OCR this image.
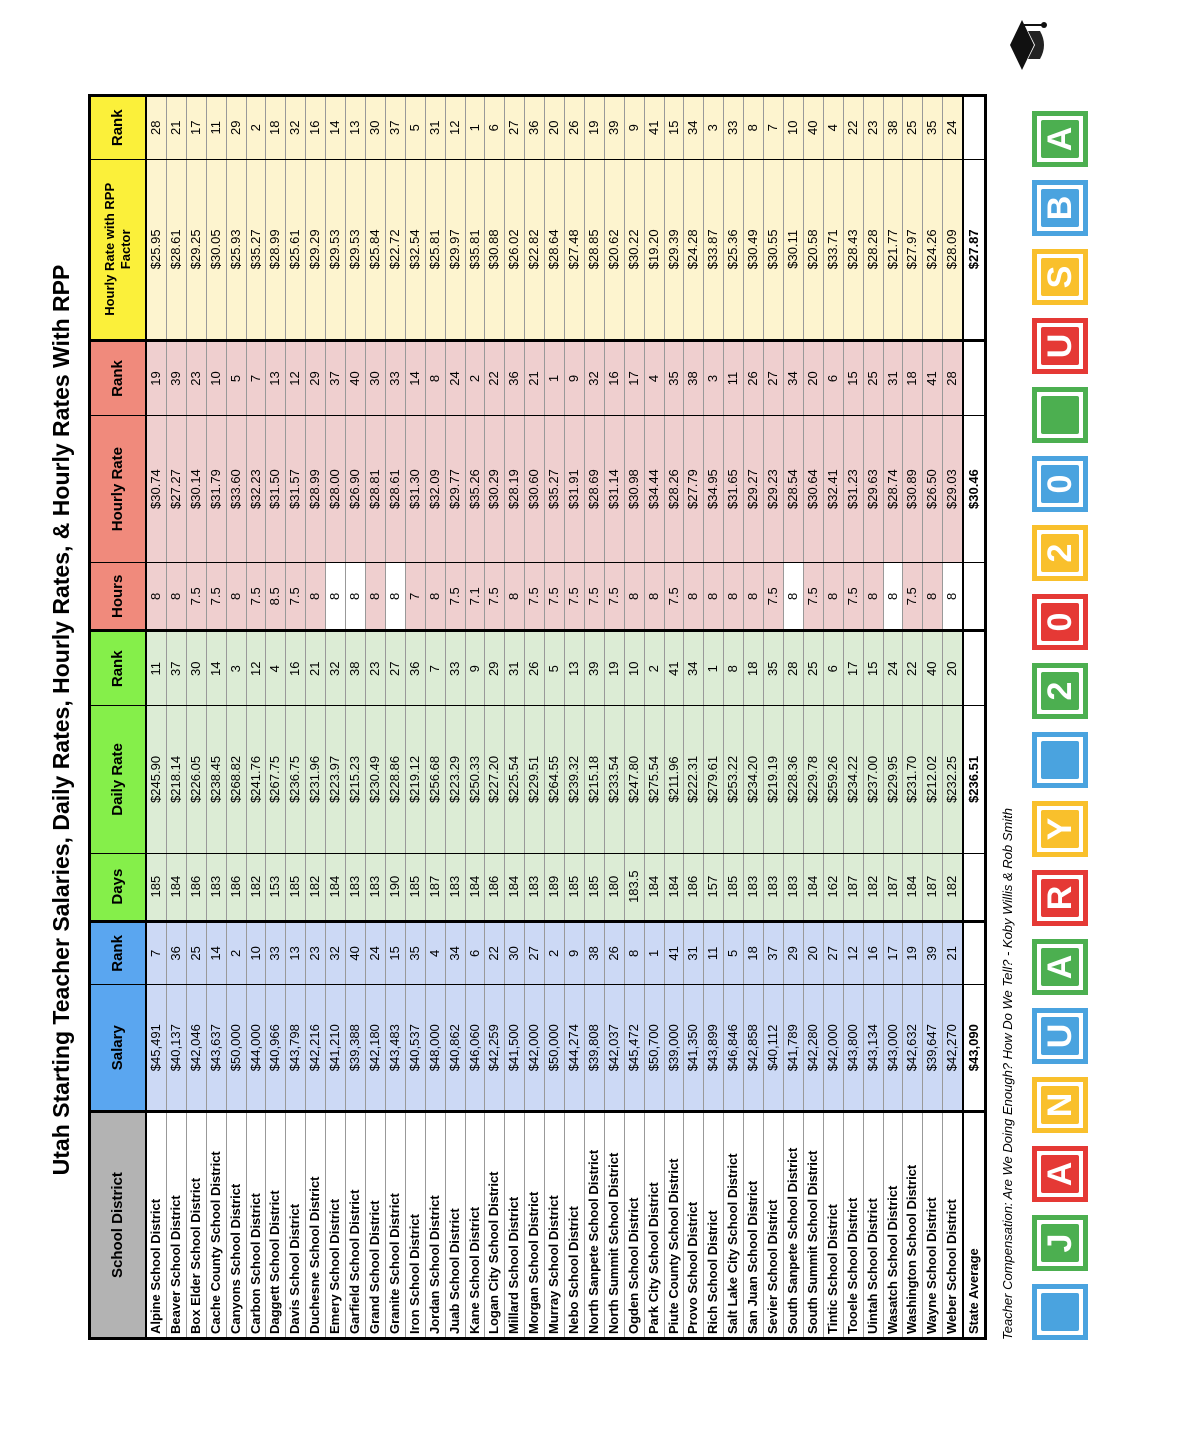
Utah Starting Teacher Salaries, Daily Rates, Hourly Rates, & Hourly Rates With RPP
School District	Salary	Rank	Days	Daily Rate	Rank	Hours	Hourly Rate	Rank	Hourly Rate with RPP Factor	Rank
Alpine School District	$45,491	7	185	$245.90	11	8	$30.74	19	$25.95	28
Beaver School District	$40,137	36	184	$218.14	37	8	$27.27	39	$28.61	21
Box Elder School District	$42,046	25	186	$226.05	30	7.5	$30.14	23	$29.25	17
Cache County School District	$43,637	14	183	$238.45	14	7.5	$31.79	10	$30.05	11
Canyons School District	$50,000	2	186	$268.82	3	8	$33.60	5	$25.93	29
Carbon School District	$44,000	10	182	$241.76	12	7.5	$32.23	7	$35.27	2
Daggett School District	$40,966	33	153	$267.75	4	8.5	$31.50	13	$28.99	18
Davis School District	$43,798	13	185	$236.75	16	7.5	$31.57	12	$25.61	32
Duchesne School District	$42,216	23	182	$231.96	21	8	$28.99	29	$29.29	16
Emery School District	$41,210	32	184	$223.97	32	8	$28.00	37	$29.53	14
Garfield School District	$39,388	40	183	$215.23	38	8	$26.90	40	$29.53	13
Grand School District	$42,180	24	183	$230.49	23	8	$28.81	30	$25.84	30
Granite School District	$43,483	15	190	$228.86	27	8	$28.61	33	$22.72	37
Iron School District	$40,537	35	185	$219.12	36	7	$31.30	14	$32.54	5
Jordan School District	$48,000	4	187	$256.68	7	8	$32.09	8	$25.81	31
Juab School District	$40,862	34	183	$223.29	33	7.5	$29.77	24	$29.97	12
Kane School District	$46,060	6	184	$250.33	9	7.1	$35.26	2	$35.81	1
Logan City School District	$42,259	22	186	$227.20	29	7.5	$30.29	22	$30.88	6
Millard School District	$41,500	30	184	$225.54	31	8	$28.19	36	$26.02	27
Morgan School District	$42,000	27	183	$229.51	26	7.5	$30.60	21	$22.82	36
Murray School District	$50,000	2	189	$264.55	5	7.5	$35.27	1	$28.64	20
Nebo School District	$44,274	9	185	$239.32	13	7.5	$31.91	9	$27.48	26
North Sanpete School District	$39,808	38	185	$215.18	39	7.5	$28.69	32	$28.85	19
North Summit School District	$42,037	26	180	$233.54	19	7.5	$31.14	16	$20.62	39
Ogden School District	$45,472	8	183.5	$247.80	10	8	$30.98	17	$30.22	9
Park City School District	$50,700	1	184	$275.54	2	8	$34.44	4	$19.20	41
Piute County School District	$39,000	41	184	$211.96	41	7.5	$28.26	35	$29.39	15
Provo School District	$41,350	31	186	$222.31	34	8	$27.79	38	$24.28	34
Rich School District	$43,899	11	157	$279.61	1	8	$34.95	3	$33.87	3
Salt Lake City School District	$46,846	5	185	$253.22	8	8	$31.65	11	$25.36	33
San Juan School District	$42,858	18	183	$234.20	18	8	$29.27	26	$30.49	8
Sevier School District	$40,112	37	183	$219.19	35	7.5	$29.23	27	$30.55	7
South Sanpete School District	$41,789	29	183	$228.36	28	8	$28.54	34	$30.11	10
South Summit School District	$42,280	20	184	$229.78	25	7.5	$30.64	20	$20.58	40
Tintic School District	$42,000	27	162	$259.26	6	8	$32.41	6	$33.71	4
Tooele School District	$43,800	12	187	$234.22	17	7.5	$31.23	15	$28.43	22
Uintah School District	$43,134	16	182	$237.00	15	8	$29.63	25	$28.28	23
Wasatch School District	$43,000	17	187	$229.95	24	8	$28.74	31	$21.77	38
Washington School District	$42,632	19	184	$231.70	22	7.5	$30.89	18	$27.97	25
Wayne School District	$39,647	39	187	$212.02	40	8	$26.50	41	$24.26	35
Weber School District	$42,270	21	182	$232.25	20	8	$29.03	28	$28.09	24
State Average	$43,090			$236.51			$30.46		$27.87	
Teacher Compensation: Are We Doing Enough? How Do We Tell? - Koby Willis & Rob Smith J
A
N
U
A
R
Y
2
0
2
0
U
S
B
A
